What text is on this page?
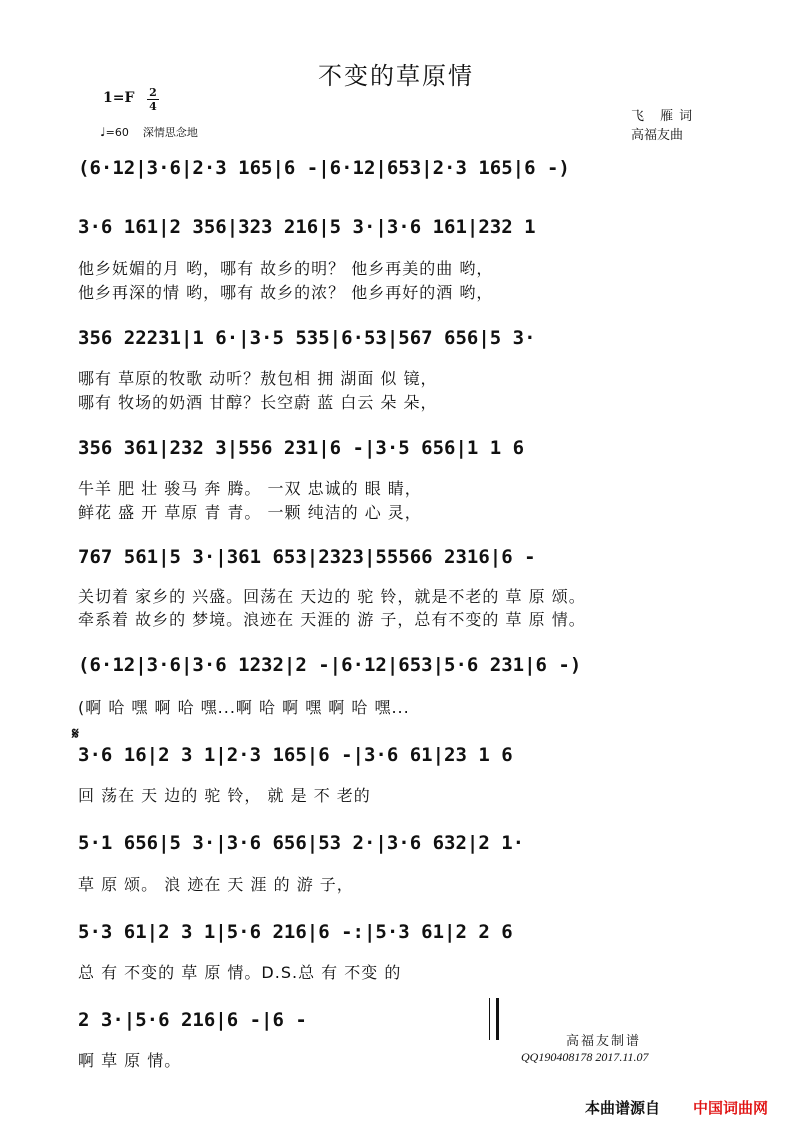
不变的草原情
1=F 2
4
♩=60 深情思念地
飞 雁词
高福友曲
(6·12|3·6|2·3 165|6 -|6·12|653|2·3 165|6 -)
3·6 161|2 356|323 216|5 3·|3·6 161|232 1
他乡妩媚的月 哟，哪有 故乡的明？ 他乡再美的曲 哟，
他乡再深的情 哟，哪有 故乡的浓？ 他乡再好的酒 哟，
356 22231|1 6·|3·5 535|6·53|567 656|5 3·
哪有 草原的牧歌 动听？敖包相 拥 湖面 似 镜，
哪有 牧场的奶酒 甘醇？长空蔚 蓝 白云 朵 朵，
356 361|232 3|556 231|6 -|3·5 656|1 1 6
牛羊 肥 壮 骏马 奔 腾。 一双 忠诚的 眼 睛，
鲜花 盛 开 草原 青 青。 一颗 纯洁的 心 灵，
767 561|5 3·|361 653|2323|55566 2316|6 -
关切着 家乡的 兴盛。回荡在 天边的 驼 铃，就是不老的 草 原 颂。
牵系着 故乡的 梦境。浪迹在 天涯的 游 子，总有不变的 草 原 情。
(6·12|3·6|3·6 1232|2 -|6·12|653|5·6 231|6 -)
(啊 哈 嘿 啊 哈 嘿...啊 哈 啊 嘿 啊 哈 嘿...
𝄋
3·6 16|2 3 1|2·3 165|6 -|3·6 61|23 1 6
回 荡在 天 边的 驼 铃， 就 是 不 老的
5·1 656|5 3·|3·6 656|53 2·|3·6 632|2 1·
草 原 颂。 浪 迹在 天 涯 的 游 子，
5·3 61|2 3 1|5·6 216|6 -:|5·3 61|2 2 6
总 有 不变的 草 原 情。D.S.总 有 不变 的
2 3·|5·6 216|6 -|6 -
啊 草 原 情。
高福友制谱
QQ190408178 2017.11.07
本曲谱源自 中国词曲网
